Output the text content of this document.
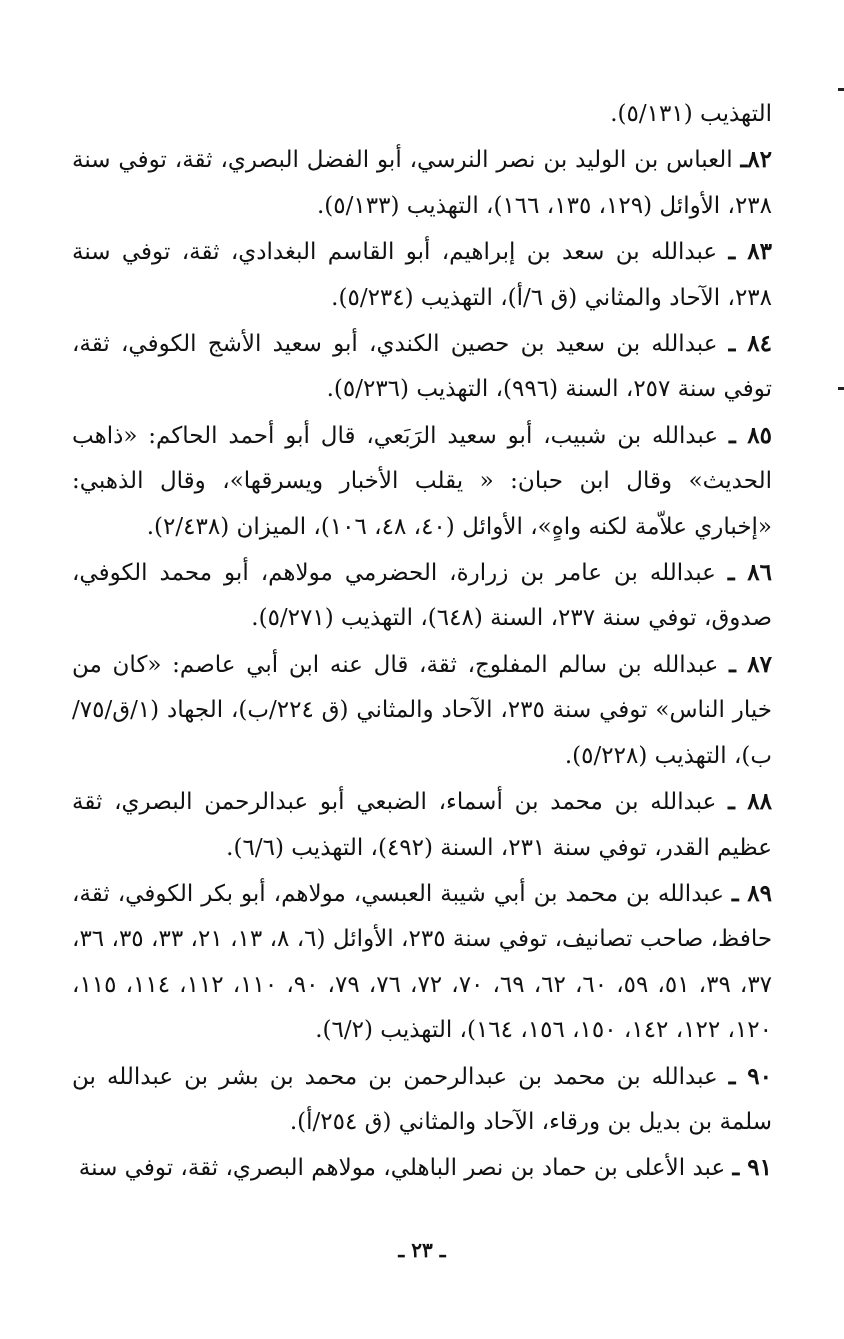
التهذيب (٥/١٣١).

٨٢ـ العباس بن الوليد بن نصر النرسي، أبو الفضل البصري، ثقة، توفي سنة ٢٣٨، الأوائل (١٢٩، ١٣٥، ١٦٦)، التهذيب (٥/١٣٣).

٨٣ ـ عبدالله بن سعد بن إبراهيم، أبو القاسم البغدادي، ثقة، توفي سنة ٢٣٨، الآحاد والمثاني (ق ٦/أ)، التهذيب (٥/٢٣٤).

٨٤ ـ عبدالله بن سعيد بن حصين الكندي، أبو سعيد الأشج الكوفي، ثقة، توفي سنة ٢٥٧، السنة (٩٩٦)، التهذيب (٥/٢٣٦).

٨٥ ـ عبدالله بن شبيب، أبو سعيد الرَبَعي، قال أبو أحمد الحاكم: «ذاهب الحديث» وقال ابن حبان: « يقلب الأخبار ويسرقها»، وقال الذهبي: «إخباري علاّمة لكنه واهٍ»، الأوائل (٤٠، ٤٨، ١٠٦)، الميزان (٢/٤٣٨).

٨٦ ـ عبدالله بن عامر بن زرارة، الحضرمي مولاهم، أبو محمد الكوفي، صدوق، توفي سنة ٢٣٧، السنة (٦٤٨)، التهذيب (٥/٢٧١).

٨٧ ـ عبدالله بن سالم المفلوج، ثقة، قال عنه ابن أبي عاصم: «كان من خيار الناس» توفي سنة ٢٣٥، الآحاد والمثاني (ق ٢٢٤/ب)، الجهاد (١/ق/٧٥/ب)، التهذيب (٥/٢٢٨).

٨٨ ـ عبدالله بن محمد بن أسماء، الضبعي أبو عبدالرحمن البصري، ثقة عظيم القدر، توفي سنة ٢٣١، السنة (٤٩٢)، التهذيب (٦/٦).

٨٩ ـ عبدالله بن محمد بن أبي شيبة العبسي، مولاهم، أبو بكر الكوفي، ثقة، حافظ، صاحب تصانيف، توفي سنة ٢٣٥، الأوائل (٦، ٨، ١٣، ٢١، ٣٣، ٣٥، ٣٦، ٣٧، ٣٩، ٥١، ٥٩، ٦٠، ٦٢، ٦٩، ٧٠، ٧٢، ٧٦، ٧٩، ٩٠، ١١٠، ١١٢، ١١٤، ١١٥، ١٢٠، ١٢٢، ١٤٢، ١٥٠، ١٥٦، ١٦٤)، التهذيب (٦/٢).

٩٠ ـ عبدالله بن محمد بن عبدالرحمن بن محمد بن بشر بن عبدالله بن سلمة بن بديل بن ورقاء، الآحاد والمثاني (ق ٢٥٤/أ).

٩١ ـ عبد الأعلى بن حماد بن نصر الباهلي، مولاهم البصري، ثقة، توفي سنة

ـ ٢٣ ـ
